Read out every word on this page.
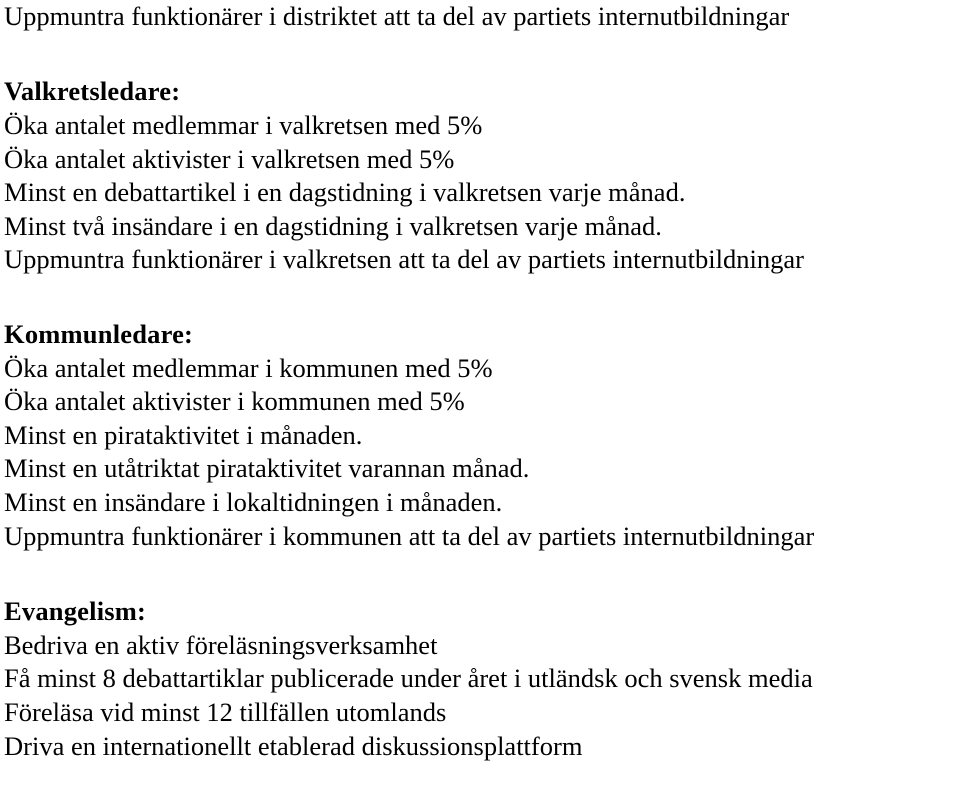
Uppmuntra funktionärer i distriktet att ta del av partiets internutbildningar
Valkretsledare:
Öka antalet medlemmar i valkretsen med 5%
Öka antalet aktivister i valkretsen med 5%
Minst en debattartikel i en dagstidning i valkretsen varje månad.
Minst två insändare i en dagstidning i valkretsen varje månad.
Uppmuntra funktionärer i valkretsen att ta del av partiets internutbildningar
Kommunledare:
Öka antalet medlemmar i kommunen med 5%
Öka antalet aktivister i kommunen med 5%
Minst en pirataktivitet i månaden.
Minst en utåtriktat pirataktivitet varannan månad.
Minst en insändare i lokaltidningen i månaden.
Uppmuntra funktionärer i kommunen att ta del av partiets internutbildningar
Evangelism:
Bedriva en aktiv föreläsningsverksamhet
Få minst 8 debattartiklar publicerade under året i utländsk och svensk media
Föreläsa vid minst 12 tillfällen utomlands
Driva en internationellt etablerad diskussionsplattform
